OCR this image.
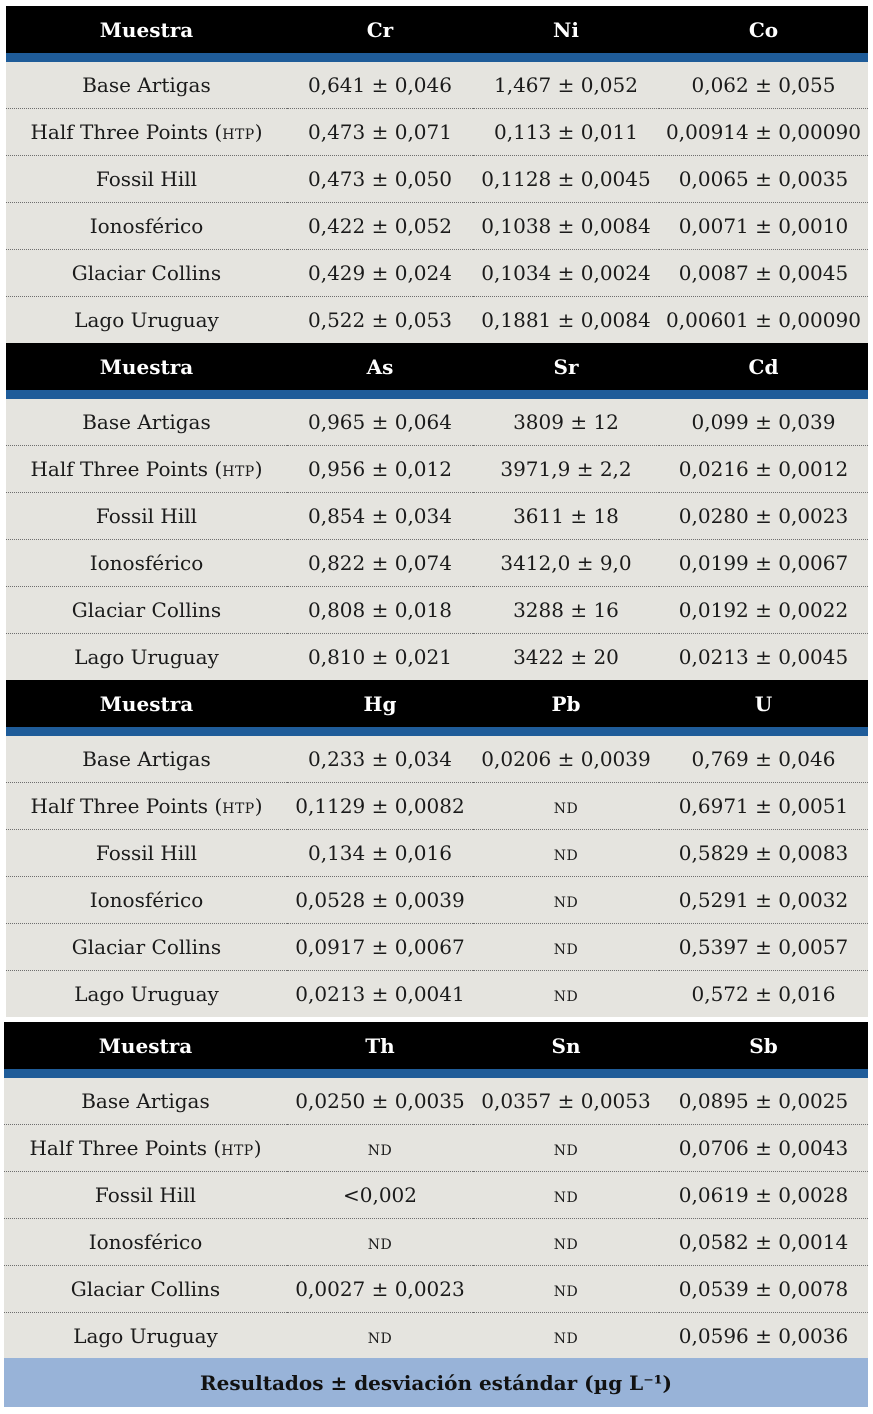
Muestra	Cr	Ni	Co
Base Artigas	0,641 ± 0,046	1,467 ± 0,052	0,062 ± 0,055
Half Three Points (HTP)	0,473 ± 0,071	0,113 ± 0,011	0,00914 ± 0,00090
Fossil Hill	0,473 ± 0,050	0,1128 ± 0,0045	0,0065 ± 0,0035
Ionosférico	0,422 ± 0,052	0,1038 ± 0,0084	0,0071 ± 0,0010
Glaciar Collins	0,429 ± 0,024	0,1034 ± 0,0024	0,0087 ± 0,0045
Lago Uruguay	0,522 ± 0,053	0,1881 ± 0,0084	0,00601 ± 0,00090
Muestra	As	Sr	Cd
Base Artigas	0,965 ± 0,064	3809 ± 12	0,099 ± 0,039
Half Three Points (HTP)	0,956 ± 0,012	3971,9 ± 2,2	0,0216 ± 0,0012
Fossil Hill	0,854 ± 0,034	3611 ± 18	0,0280 ± 0,0023
Ionosférico	0,822 ± 0,074	3412,0 ± 9,0	0,0199 ± 0,0067
Glaciar Collins	0,808 ± 0,018	3288 ± 16	0,0192 ± 0,0022
Lago Uruguay	0,810 ± 0,021	3422 ± 20	0,0213 ± 0,0045
Muestra	Hg	Pb	U
Base Artigas	0,233 ± 0,034	0,0206 ± 0,0039	0,769 ± 0,046
Half Three Points (HTP)	0,1129 ± 0,0082	ND	0,6971 ± 0,0051
Fossil Hill	0,134 ± 0,016	ND	0,5829 ± 0,0083
Ionosférico	0,0528 ± 0,0039	ND	0,5291 ± 0,0032
Glaciar Collins	0,0917 ± 0,0067	ND	0,5397 ± 0,0057
Lago Uruguay	0,0213 ± 0,0041	ND	0,572 ± 0,016
Muestra	Th	Sn	Sb
Base Artigas	0,0250 ± 0,0035	0,0357 ± 0,0053	0,0895 ± 0,0025
Half Three Points (HTP)	ND	ND	0,0706 ± 0,0043
Fossil Hill	<0,002	ND	0,0619 ± 0,0028
Ionosférico	ND	ND	0,0582 ± 0,0014
Glaciar Collins	0,0027 ± 0,0023	ND	0,0539 ± 0,0078
Lago Uruguay	ND	ND	0,0596 ± 0,0036
Resultados ± desviación estándar (µg L⁻¹)
